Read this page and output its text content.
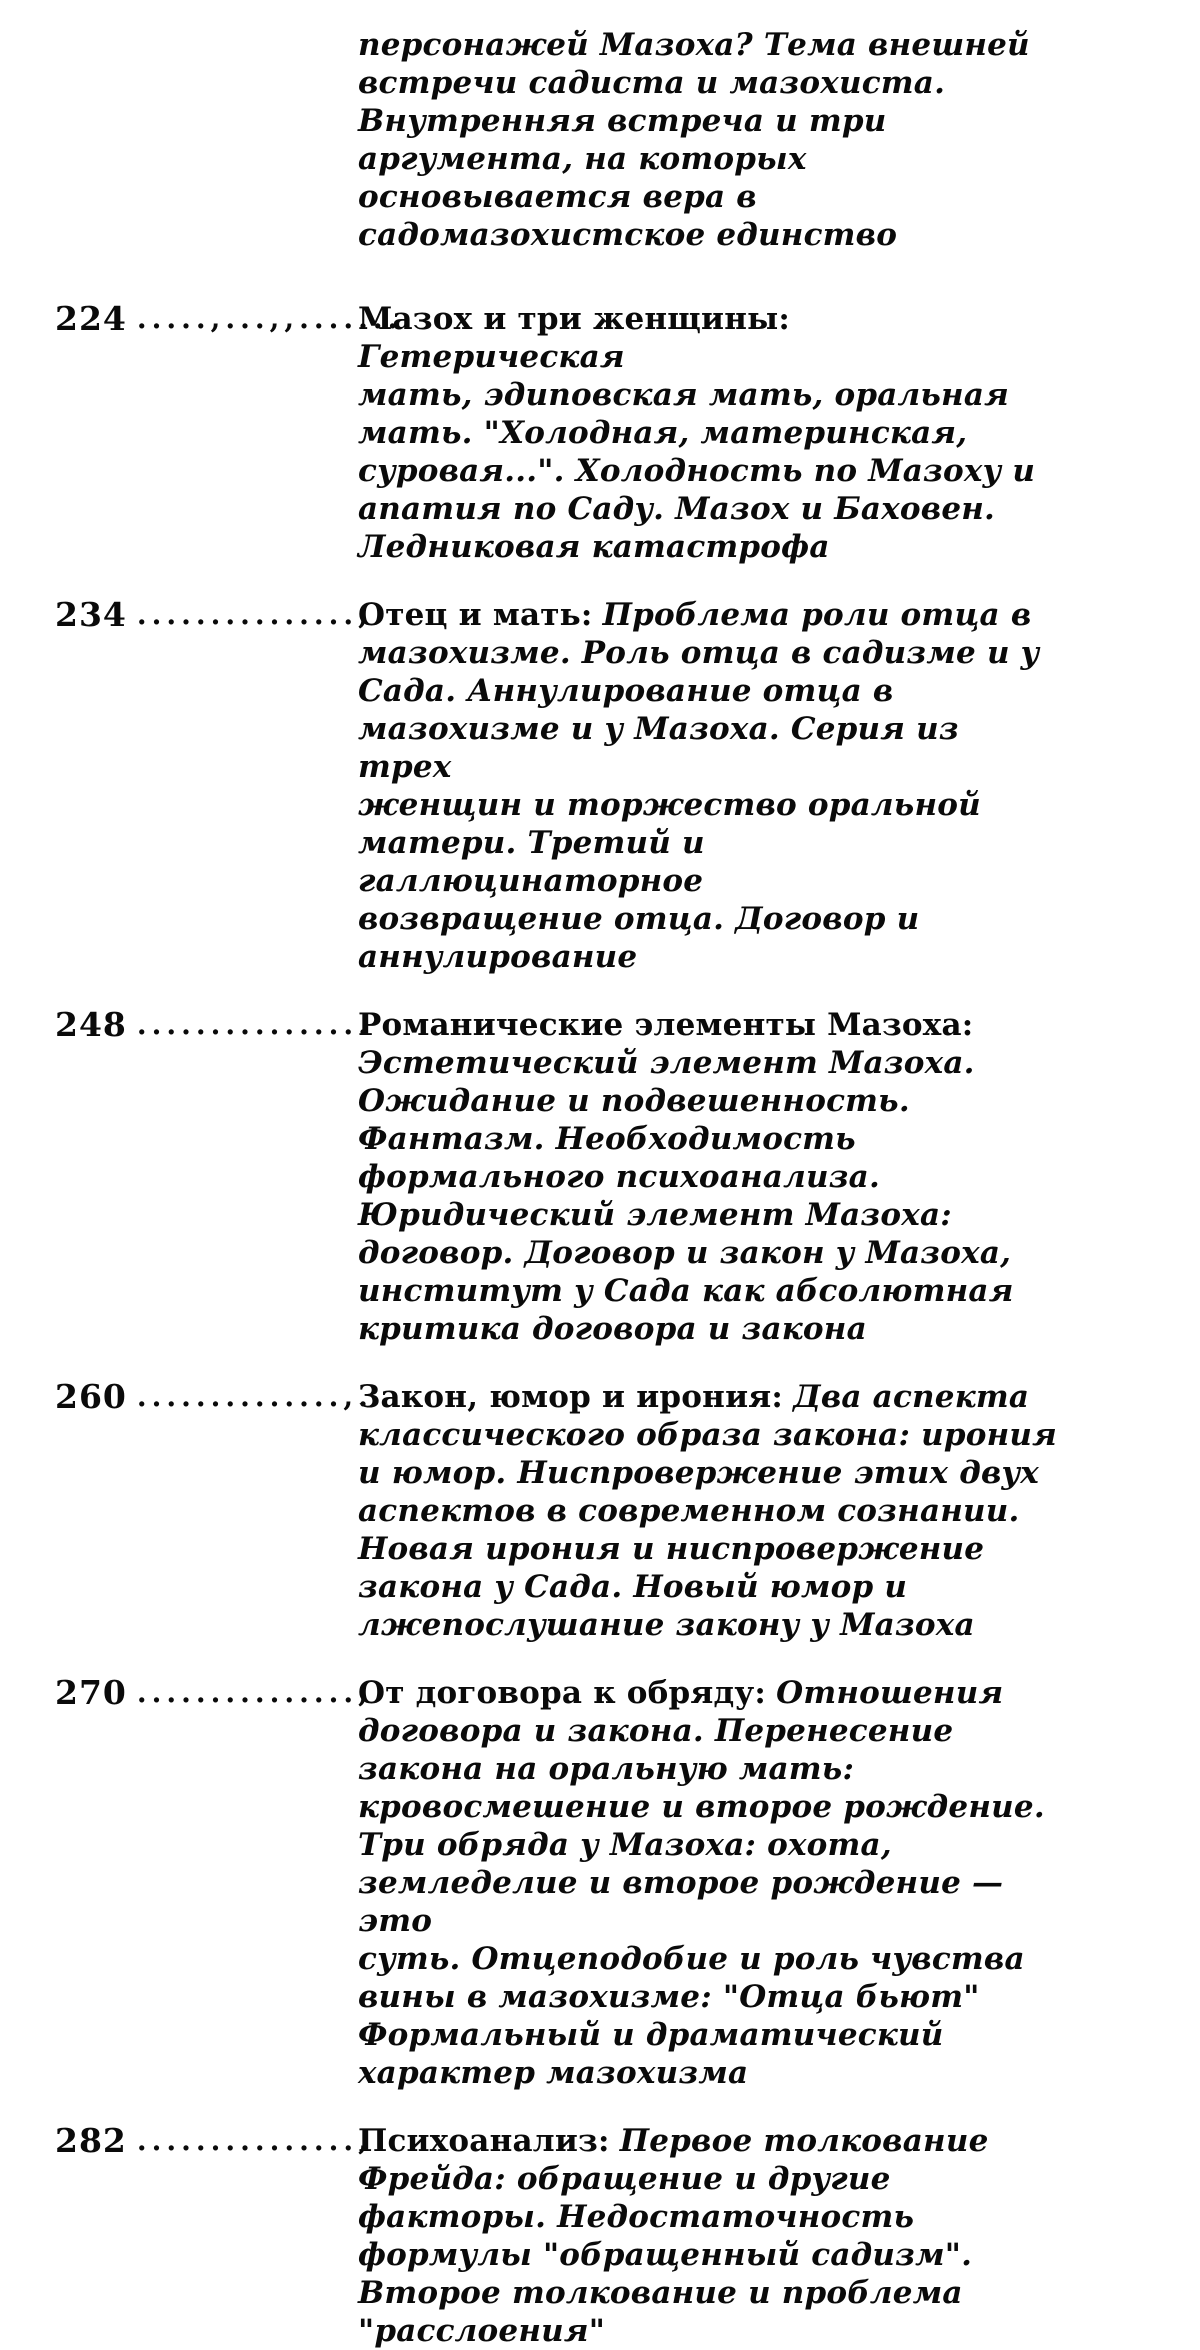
персонажей Мазоха? Тема внешней
встречи садиста и мазохиста.
Внутренняя встреча и три
аргумента, на которых
основывается вера в
садомазохистское единство
224 .....,...,,.......
Мазох и три женщины: Гетерическая
мать, эдиповская мать, оральная
мать. "Холодная, материнская,
суровая...". Холодность по Мазоху и
апатия по Саду. Мазох и Баховен.
Ледниковая катастрофа
234 ...............,
Отец и мать: Проблема роли отца в
мазохизме. Роль отца в садизме и у
Сада. Аннулирование отца в
мазохизме и у Мазоха. Серия из трех
женщин и торжество оральной
матери. Третий и галлюцинаторное
возвращение отца. Договор и
аннулирование
248 ................
Романические элементы Мазоха:
Эстетический элемент Мазоха.
Ожидание и подвешенность.
Фантазм. Необходимость
формального психоанализа.
Юридический элемент Мазоха:
договор. Договор и закон у Мазоха,
институт у Сада как абсолютная
критика договора и закона
260 ..............,.
Закон, юмор и ирония: Два аспекта
классического образа закона: ирония
и юмор. Ниспровержение этих двух
аспектов в современном сознании.
Новая ирония и ниспровержение
закона у Сада. Новый юмор и
лжепослушание закону у Мазоха
270 ...............,
От договора к обряду: Отношения
договора и закона. Перенесение
закона на оральную мать:
кровосмешение и второе рождение.
Три обряда у Мазоха: охота,
земледелие и второе рождение — это
суть. Отцеподобие и роль чувства
вины в мазохизме: "Отца бьют"
Формальный и драматический
характер мазохизма
282 ...............,
Психоанализ: Первое толкование
Фрейда: обращение и другие
факторы. Недостаточность
формулы "обращенный садизм".
Второе толкование и проблема
"расслоения"
